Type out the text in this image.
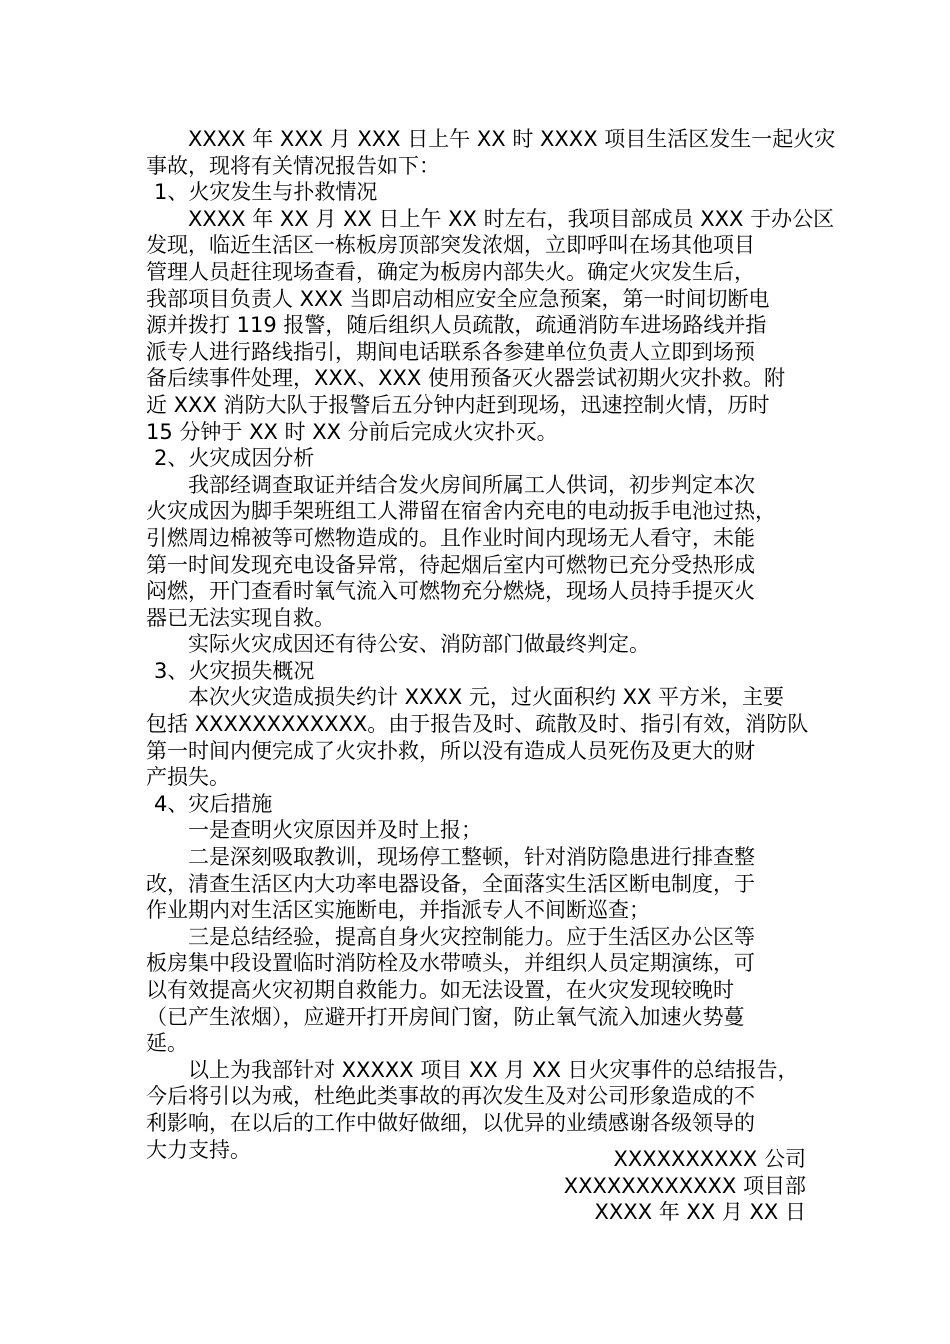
XXXX 年 XXX 月 XXX 日上午 XX 时 XXXX 项目生活区发生一起火灾
事故，现将有关情况报告如下：
1、火灾发生与扑救情况
XXXX 年 XX 月 XX 日上午 XX 时左右，我项目部成员 XXX 于办公区
发现，临近生活区一栋板房顶部突发浓烟，立即呼叫在场其他项目
管理人员赶往现场查看，确定为板房内部失火。确定火灾发生后，
我部项目负责人 XXX 当即启动相应安全应急预案，第一时间切断电
源并拨打 119 报警，随后组织人员疏散，疏通消防车进场路线并指
派专人进行路线指引，期间电话联系各参建单位负责人立即到场预
备后续事件处理，XXX、XXX 使用预备灭火器尝试初期火灾扑救。附
近 XXX 消防大队于报警后五分钟内赶到现场，迅速控制火情，历时
15 分钟于 XX 时 XX 分前后完成火灾扑灭。
2、火灾成因分析
我部经调查取证并结合发火房间所属工人供词，初步判定本次
火灾成因为脚手架班组工人滞留在宿舍内充电的电动扳手电池过热，
引燃周边棉被等可燃物造成的。且作业时间内现场无人看守，未能
第一时间发现充电设备异常，待起烟后室内可燃物已充分受热形成
闷燃，开门查看时氧气流入可燃物充分燃烧，现场人员持手提灭火
器已无法实现自救。
实际火灾成因还有待公安、消防部门做最终判定。
3、火灾损失概况
本次火灾造成损失约计 XXXX 元，过火面积约 XX 平方米，主要
包括 XXXXXXXXXXXX。由于报告及时、疏散及时、指引有效，消防队
第一时间内便完成了火灾扑救，所以没有造成人员死伤及更大的财
产损失。
4、灾后措施
一是查明火灾原因并及时上报；
二是深刻吸取教训，现场停工整顿，针对消防隐患进行排查整
改，清查生活区内大功率电器设备，全面落实生活区断电制度，于
作业期内对生活区实施断电，并指派专人不间断巡查；
三是总结经验，提高自身火灾控制能力。应于生活区办公区等
板房集中段设置临时消防栓及水带喷头，并组织人员定期演练，可
以有效提高火灾初期自救能力。如无法设置，在火灾发现较晚时
（已产生浓烟），应避开打开房间门窗，防止氧气流入加速火势蔓
延。
以上为我部针对 XXXXX 项目 XX 月 XX 日火灾事件的总结报告，
今后将引以为戒，杜绝此类事故的再次发生及对公司形象造成的不
利影响，在以后的工作中做好做细，以优异的业绩感谢各级领导的
大力支持。	XXXXXXXXXX 公司
XXXXXXXXXXXX 项目部
XXXX 年 XX 月 XX 日
